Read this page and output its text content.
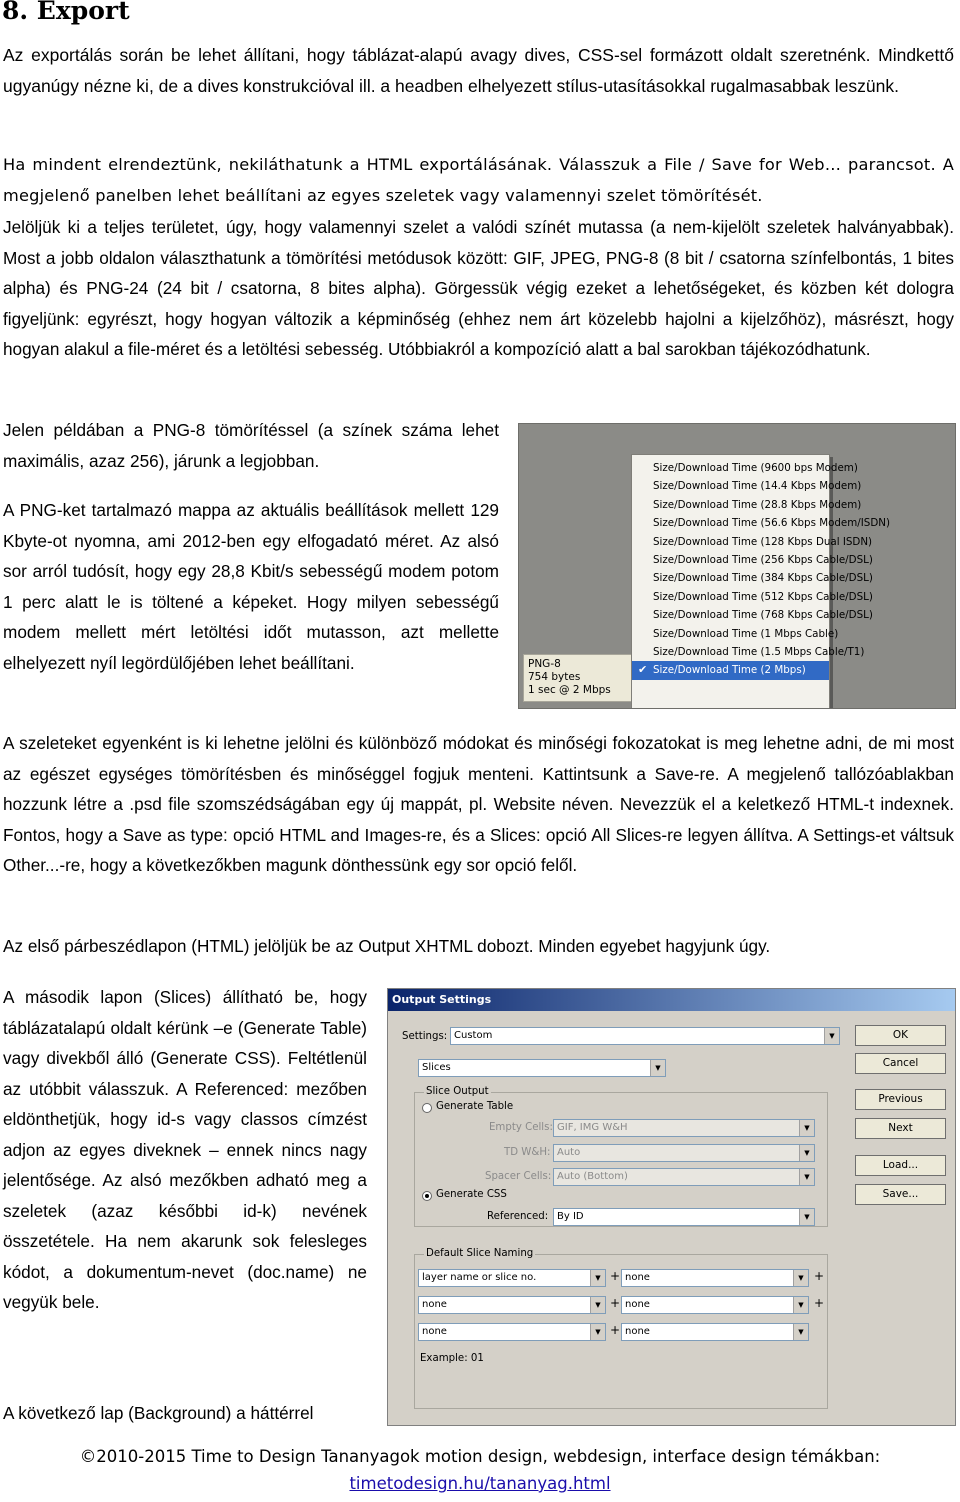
8. Export

Az exportálás során be lehet állítani, hogy táblázat-alapú avagy dives, CSS-sel formázott oldalt szeretnénk. Mindkettő ugyanúgy nézne ki, de a dives konstrukcióval ill. a headben elhelyezett stílus-utasításokkal rugalmasabbak leszünk.

Ha mindent elrendeztünk, nekiláthatunk a HTML exportálásának. Válasszuk a File / Save for Web… parancsot. A megjelenő panelben lehet beállítani az egyes szeletek vagy valamennyi szelet tömörítését.

Jelöljük ki a teljes területet, úgy, hogy valamennyi szelet a valódi színét mutassa (a nem-kijelölt szeletek halványabbak). Most a jobb oldalon választhatunk a tömörítési metódusok között: GIF, JPEG, PNG-8 (8 bit / csatorna színfelbontás, 1 bites alpha) és PNG-24 (24 bit / csatorna, 8 bites alpha). Görgessük végig ezeket a lehetőségeket, és közben két dologra figyeljünk: egyrészt, hogy hogyan változik a képminőség (ehhez nem árt közelebb hajolni a kijelzőhöz), másrészt, hogy hogyan alakul a file-méret és a letöltési sebesség. Utóbbiakról a kompozíció alatt a bal sarokban tájékozódhatunk.

Jelen példában a PNG-8 tömörítéssel (a színek száma lehet maximális, azaz 256), járunk a legjobban.

A PNG-ket tartalmazó mappa az aktuális beállítások mellett 129 Kbyte-ot nyomna, ami 2012-ben egy elfogadató méret. Az alsó sor arról tudósít, hogy egy 28,8 Kbit/s sebességű modem potom 1 perc alatt le is töltené a képeket. Hogy milyen sebességű modem mellett mért letöltési időt mutasson, azt mellette elhelyezett nyíl legördülőjében lehet beállítani.	PNG-8
754 bytes
1 sec @ 2 Mbps
Size/Download Time (9600 bps Modem)
Size/Download Time (14.4 Kbps Modem)
Size/Download Time (28.8 Kbps Modem)
Size/Download Time (56.6 Kbps Modem/ISDN)
Size/Download Time (128 Kbps Dual ISDN)
Size/Download Time (256 Kbps Cable/DSL)
Size/Download Time (384 Kbps Cable/DSL)
Size/Download Time (512 Kbps Cable/DSL)
Size/Download Time (768 Kbps Cable/DSL)
Size/Download Time (1 Mbps Cable)
Size/Download Time (1.5 Mbps Cable/T1)
✔ Size/Download Time (2 Mbps)

A szeleteket egyenként is ki lehetne jelölni és különböző módokat és minőségi fokozatokat is meg lehetne adni, de mi most az egészet egységes tömörítésben és minőséggel fogjuk menteni. Kattintsunk a Save-re. A megjelenő tallózóablakban hozzunk létre a .psd file szomszédságában egy új mappát, pl. Website néven. Nevezzük el a keletkező HTML-t indexnek. Fontos, hogy a Save as type: opció HTML and Images-re, és a Slices: opció All Slices-re legyen állítva. A Settings-et váltsuk Other...-re, hogy a következőkben magunk dönthessünk egy sor opció felől.

Az első párbeszédlapon (HTML) jelöljük be az Output XHTML dobozt. Minden egyebet hagyjunk úgy.

A második lapon (Slices) állítható be, hogy táblázatalapú oldalt kérünk –e (Generate Table) vagy divekből álló (Generate CSS). Feltétlenül az utóbbit válasszuk. A Referenced: mezőben eldönthetjük, hogy id-s vagy classos címzést adjon az egyes diveknek – ennek nincs nagy jelentősége. Az alsó mezőkben adható meg a szeletek (azaz későbbi id-k) nevének összetétele. Ha nem akarunk sok felesleges kódot, a dokumentum-nevet (doc.name) ne vegyük bele.

A következő lap (Background) a háttérrel

Output Settings
Settings: Custom	▼
Slices	▼
Slice Output
Generate Table
Empty Cells: GIF, IMG W&H	▼
TD W&H: Auto	▼
Spacer Cells: Auto (Bottom)	▼
Generate CSS
Referenced: By ID	▼
Default Slice Naming
layer name or slice no.	▼ + none	▼ +
none	▼ + none	▼ +
none	▼ + none	▼
Example: 01
OK
Cancel
Previous
Next
Load...
Save...
©2010-2015 Time to Design Tananyagok motion design, webdesign, interface design témákban:
timetodesign.hu/tananyag.html
